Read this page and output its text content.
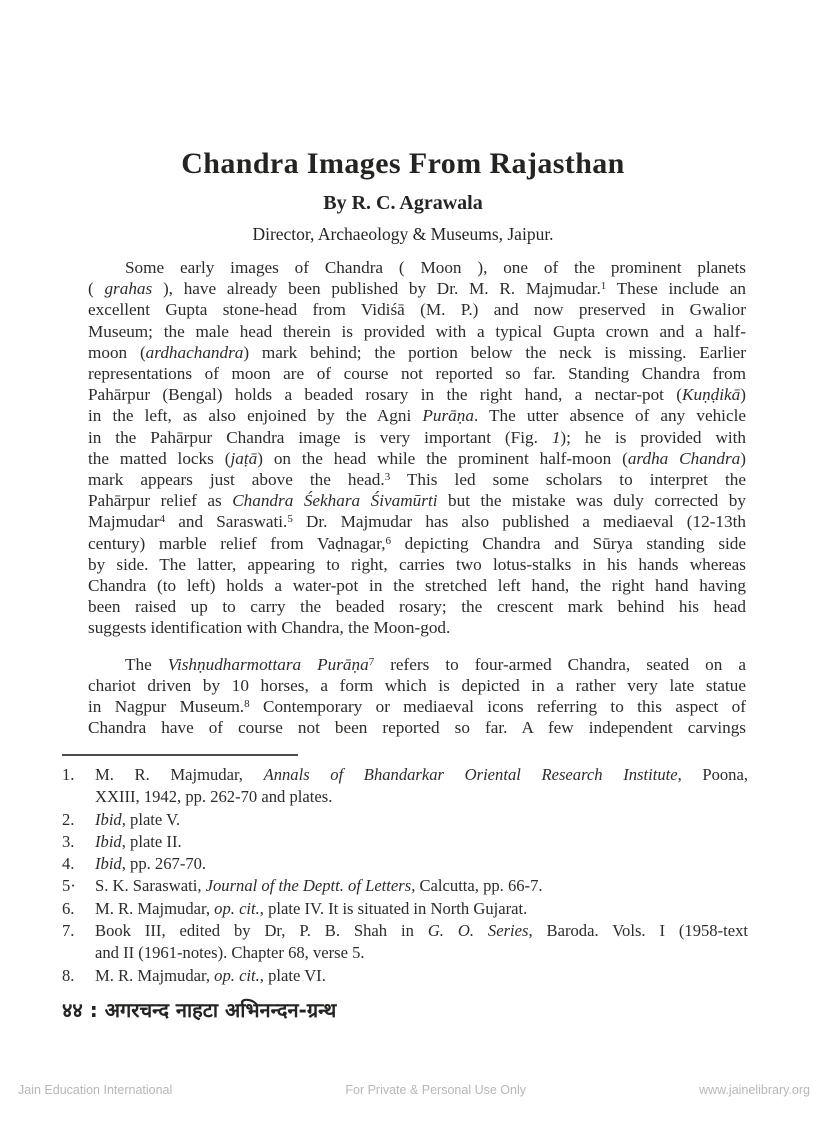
Chandra Images From Rajasthan
By R. C. Agrawala
Director, Archaeology & Museums, Jaipur.
Some early images of Chandra ( Moon ), one of the prominent planets
( grahas ), have already been published by Dr. M. R. Majmudar.$^1$ These include an
excellent Gupta stone-head from Vidiśā (M. P.) and now preserved in Gwalior
Museum; the male head therein is provided with a typical Gupta crown and a half-
moon (ardhachandra) mark behind; the portion below the neck is missing. Earlier
representations of moon are of course not reported so far. Standing Chandra from
Pahārpur (Bengal) holds a beaded rosary in the right hand, a nectar-pot (Kuṇḍikā)
in the left, as also enjoined by the Agni Purāṇa. The utter absence of any vehicle
in the Pahārpur Chandra image is very important (Fig. 1); he is provided with
the matted locks (jaṭā) on the head while the prominent half-moon (ardha Chandra)
mark appears just above the head.$^3$ This led some scholars to interpret the
Pahārpur relief as Chandra Śekhara Śivamūrti but the mistake was duly corrected by
Majmudar$^4$ and Saraswati.$^5$ Dr. Majmudar has also published a mediaeval (12-13th
century) marble relief from Vaḍnagar,$^6$ depicting Chandra and Sūrya standing side
by side. The latter, appearing to right, carries two lotus-stalks in his hands whereas
Chandra (to left) holds a water-pot in the stretched left hand, the right hand having
been raised up to carry the beaded rosary; the crescent mark behind his head
suggests identification with Chandra, the Moon-god.
The Vishṇudharmottara Purāṇa$^7$ refers to four-armed Chandra, seated on a
chariot driven by 10 horses, a form which is depicted in a rather very late statue
in Nagpur Museum.$^8$ Contemporary or mediaeval icons referring to this aspect of
Chandra have of course not been reported so far. A few independent carvings
1.	M. R. Majmudar, Annals of Bhandarkar Oriental Research Institute, Poona,
XXIII, 1942, pp. 262-70 and plates.
2.	Ibid, plate V.
3.	Ibid, plate II.
4.	Ibid, pp. 267-70.
5·	S. K. Saraswati, Journal of the Deptt. of Letters, Calcutta, pp. 66-7.
6.	M. R. Majmudar, op. cit., plate IV. It is situated in North Gujarat.
7.	Book III, edited by Dr, P. B. Shah in G. O. Series, Baroda. Vols. I (1958-text
and II (1961-notes). Chapter 68, verse 5.
8.	M. R. Majmudar, op. cit., plate VI.
४४ : अगरचन्द नाहटा अभिनन्दन-ग्रन्थ
Jain Education International	For Private & Personal Use Only	www.jainelibrary.org
